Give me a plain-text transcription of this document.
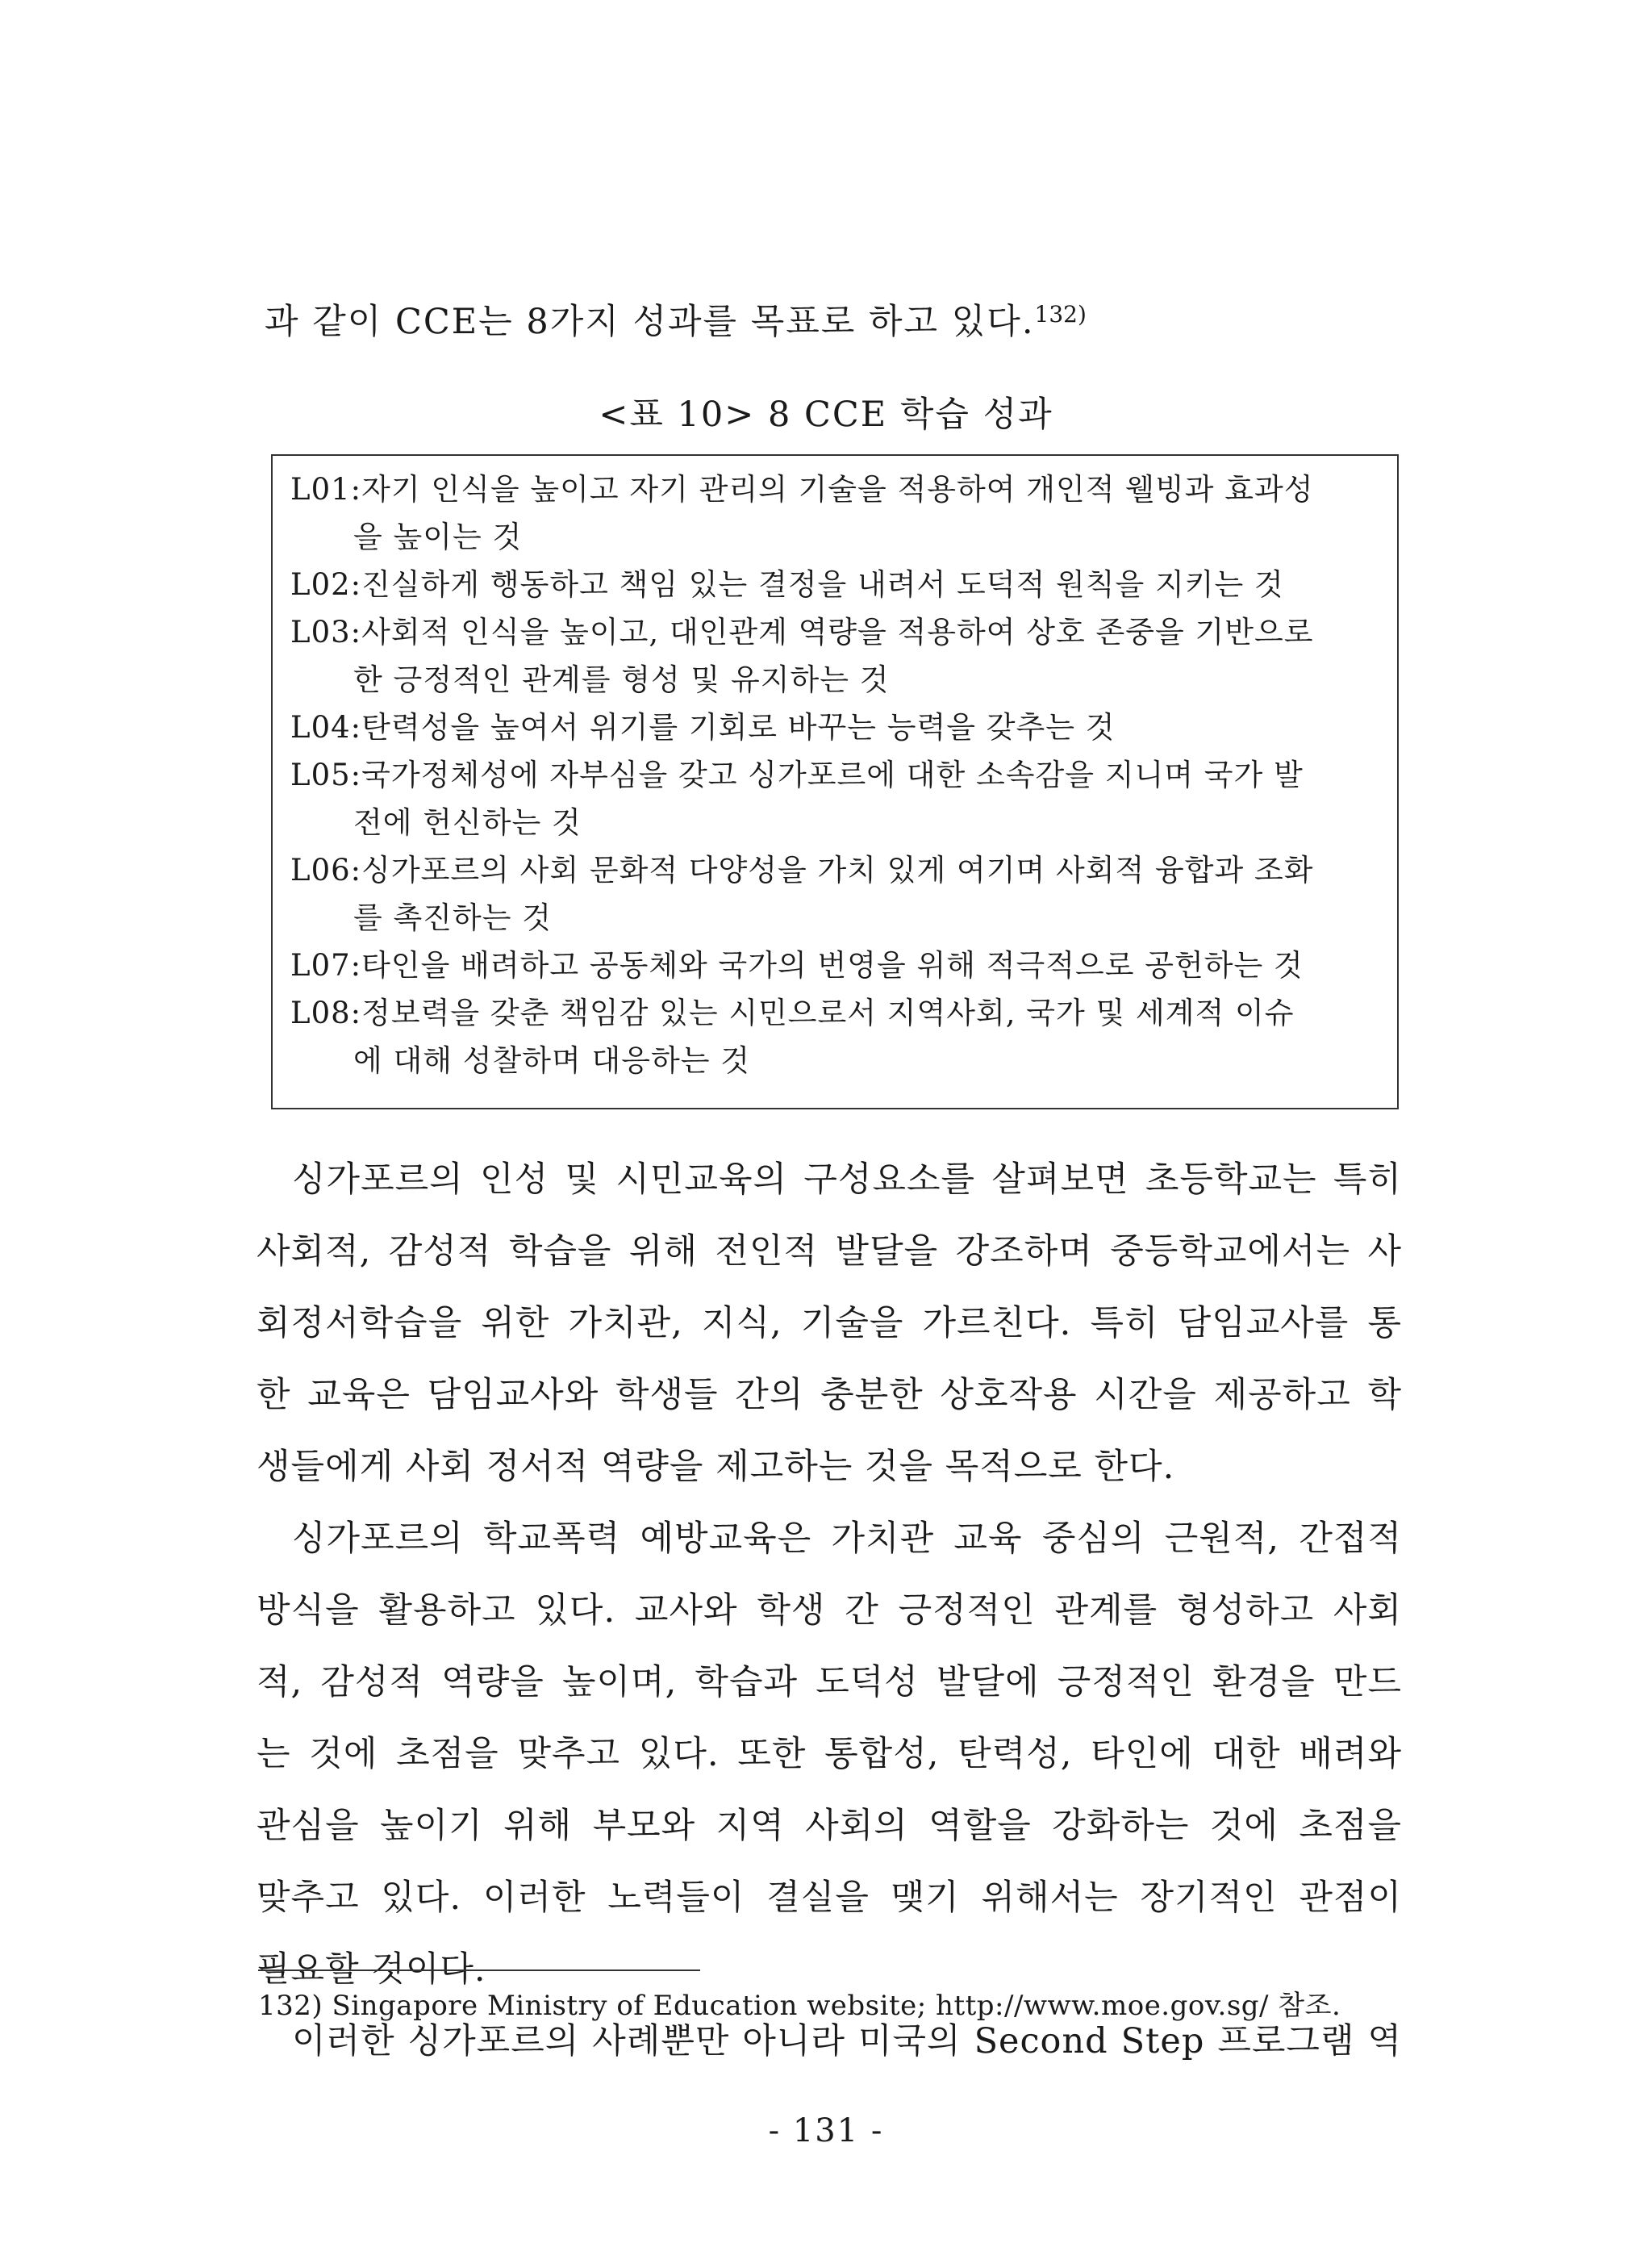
과 같이 CCE는 8가지 성과를 목표로 하고 있다.$^{132)}$
<표 10> 8 CCE 학습 성과
L01:자기 인식을 높이고 자기 관리의 기술을 적용하여 개인적 웰빙과 효과성
을 높이는 것
L02:진실하게 행동하고 책임 있는 결정을 내려서 도덕적 원칙을 지키는 것
L03:사회적 인식을 높이고, 대인관계 역량을 적용하여 상호 존중을 기반으로
한 긍정적인 관계를 형성 및 유지하는 것
L04:탄력성을 높여서 위기를 기회로 바꾸는 능력을 갖추는 것
L05:국가정체성에 자부심을 갖고 싱가포르에 대한 소속감을 지니며 국가 발
전에 헌신하는 것
L06:싱가포르의 사회 문화적 다양성을 가치 있게 여기며 사회적 융합과 조화
를 촉진하는 것
L07:타인을 배려하고 공동체와 국가의 번영을 위해 적극적으로 공헌하는 것
L08:정보력을 갖춘 책임감 있는 시민으로서 지역사회, 국가 및 세계적 이슈
에 대해 성찰하며 대응하는 것
싱가포르의 인성 및 시민교육의 구성요소를 살펴보면 초등학교는 특히
사회적, 감성적 학습을 위해 전인적 발달을 강조하며 중등학교에서는 사
회정서학습을 위한 가치관, 지식, 기술을 가르친다. 특히 담임교사를 통
한 교육은 담임교사와 학생들 간의 충분한 상호작용 시간을 제공하고 학
생들에게 사회 정서적 역량을 제고하는 것을 목적으로 한다.
싱가포르의 학교폭력 예방교육은 가치관 교육 중심의 근원적, 간접적
방식을 활용하고 있다. 교사와 학생 간 긍정적인 관계를 형성하고 사회
적, 감성적 역량을 높이며, 학습과 도덕성 발달에 긍정적인 환경을 만드
는 것에 초점을 맞추고 있다. 또한 통합성, 탄력성, 타인에 대한 배려와
관심을 높이기 위해 부모와 지역 사회의 역할을 강화하는 것에 초점을
맞추고 있다. 이러한 노력들이 결실을 맺기 위해서는 장기적인 관점이
필요할 것이다.
이러한 싱가포르의 사례뿐만 아니라 미국의 Second Step 프로그램 역
132) Singapore Ministry of Education website; http://www.moe.gov.sg/ 참조.
- 131 -
